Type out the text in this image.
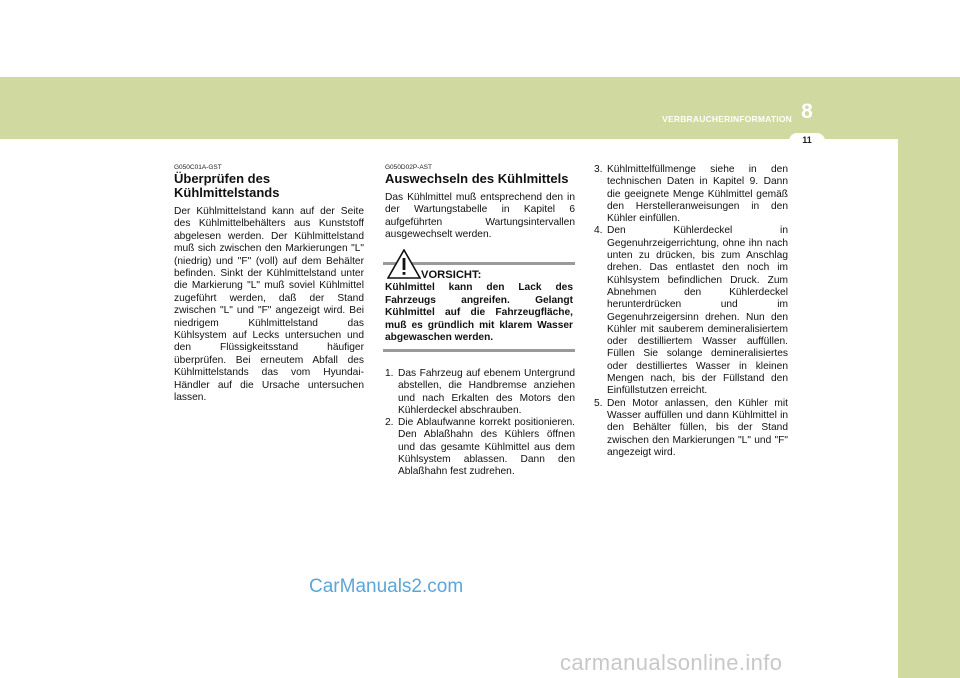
VERBRAUCHERINFORMATION 8
11

G050C01A-GST

Überprüfen des Kühlmittelstands

Der Kühlmittelstand kann auf der Seite des Kühlmittelbehälters aus Kunststoff abgelesen werden. Der Kühlmittelstand muß sich zwischen den Markierungen "L" (niedrig) und "F" (voll) auf dem Behälter befinden. Sinkt der Kühlmittelstand unter die Markierung "L" muß soviel Kühlmittel zugeführt werden, daß der Stand zwischen "L" und "F" angezeigt wird. Bei niedrigem Kühlmittelstand das Kühlsystem auf Lecks untersuchen und den Flüssigkeitsstand häufiger überprüfen. Bei erneutem Abfall des Kühlmittelstands das vom Hyundai-Händler auf die Ursache untersuchen lassen.

G050D02P-AST

Auswechseln des Kühlmittels

Das Kühlmittel muß entsprechend den in der Wartungstabelle in Kapitel 6 aufgeführten Wartungsintervallen ausgewechselt werden.

VORSICHT:
Kühlmittel kann den Lack des Fahrzeugs angreifen. Gelangt Kühlmittel auf die Fahrzeugfläche, muß es gründlich mit klarem Wasser abgewaschen werden.
1. Das Fahrzeug auf ebenem Untergrund abstellen, die Handbremse anziehen und nach Erkalten des Motors den Kühlerdeckel abschrauben.
2. Die Ablaufwanne korrekt positionieren. Den Ablaßhahn des Kühlers öffnen und das gesamte Kühlmittel aus dem Kühlsystem ablassen. Dann den Ablaßhahn fest zudrehen.
3. Kühlmittelfüllmenge siehe in den technischen Daten in Kapitel 9. Dann die geeignete Menge Kühlmittel gemäß den Herstelleranweisungen in den Kühler einfüllen.
4. Den Kühlerdeckel in Gegenuhrzeigerrichtung, ohne ihn nach unten zu drücken, bis zum Anschlag drehen. Das entlastet den noch im Kühlsystem befindlichen Druck. Zum Abnehmen den Kühlerdeckel herunterdrücken und im Gegenuhrzeigersinn drehen. Nun den Kühler mit sauberem demineralisiertem oder destilliertem Wasser auffüllen. Füllen Sie solange demineralisiertes oder destilliertes Wasser in kleinen Mengen nach, bis der Füllstand den Einfüllstutzen erreicht.
5. Den Motor anlassen, den Kühler mit Wasser auffüllen und dann Kühlmittel in den Behälter füllen, bis der Stand zwischen den Markierungen "L" und "F" angezeigt wird.
CarManuals2.com
carmanualsonline.info
